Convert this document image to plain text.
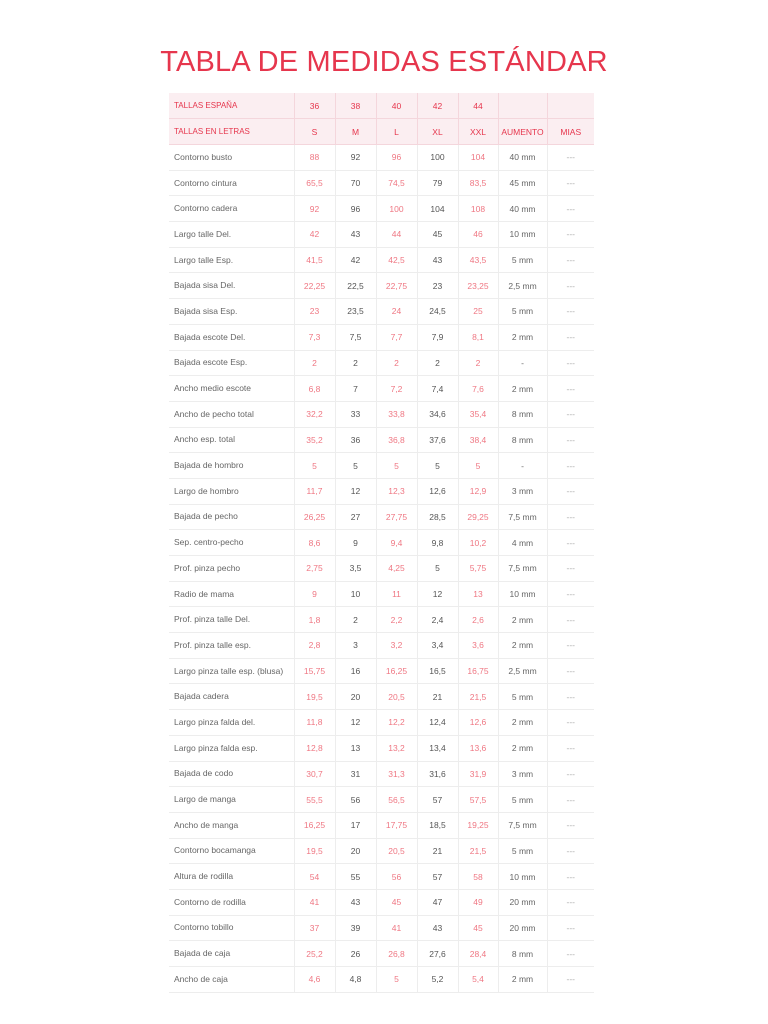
TABLA DE MEDIDAS ESTÁNDAR
TALLAS ESPAÑA	36	38	40	42	44		
TALLAS EN LETRAS	S	M	L	XL	XXL	AUMENTO	MIAS
Contorno busto	88	92	96	100	104	40 mm	---
Contorno cintura	65,5	70	74,5	79	83,5	45 mm	---
Contorno cadera	92	96	100	104	108	40 mm	---
Largo talle Del.	42	43	44	45	46	10 mm	---
Largo talle Esp.	41,5	42	42,5	43	43,5	5 mm	---
Bajada sisa Del.	22,25	22,5	22,75	23	23,25	2,5 mm	---
Bajada sisa Esp.	23	23,5	24	24,5	25	5 mm	---
Bajada escote Del.	7,3	7,5	7,7	7,9	8,1	2 mm	---
Bajada escote Esp.	2	2	2	2	2	-	---
Ancho medio escote	6,8	7	7,2	7,4	7,6	2 mm	---
Ancho de pecho total	32,2	33	33,8	34,6	35,4	8 mm	---
Ancho esp. total	35,2	36	36,8	37,6	38,4	8 mm	---
Bajada de hombro	5	5	5	5	5	-	---
Largo de hombro	11,7	12	12,3	12,6	12,9	3 mm	---
Bajada de pecho	26,25	27	27,75	28,5	29,25	7,5 mm	---
Sep. centro-pecho	8,6	9	9,4	9,8	10,2	4 mm	---
Prof. pinza pecho	2,75	3,5	4,25	5	5,75	7,5 mm	---
Radio de mama	9	10	11	12	13	10 mm	---
Prof. pinza talle Del.	1,8	2	2,2	2,4	2,6	2 mm	---
Prof. pinza talle esp.	2,8	3	3,2	3,4	3,6	2 mm	---
Largo pinza talle esp. (blusa)	15,75	16	16,25	16,5	16,75	2,5 mm	---
Bajada cadera	19,5	20	20,5	21	21,5	5 mm	---
Largo pinza falda del.	11,8	12	12,2	12,4	12,6	2 mm	---
Largo pinza falda esp.	12,8	13	13,2	13,4	13,6	2 mm	---
Bajada de codo	30,7	31	31,3	31,6	31,9	3 mm	---
Largo de manga	55,5	56	56,5	57	57,5	5 mm	---
Ancho de manga	16,25	17	17,75	18,5	19,25	7,5 mm	---
Contorno bocamanga	19,5	20	20,5	21	21,5	5 mm	---
Altura de rodilla	54	55	56	57	58	10 mm	---
Contorno de rodilla	41	43	45	47	49	20 mm	---
Contorno tobillo	37	39	41	43	45	20 mm	---
Bajada de caja	25,2	26	26,8	27,6	28,4	8 mm	---
Ancho de caja	4,6	4,8	5	5,2	5,4	2 mm	---
